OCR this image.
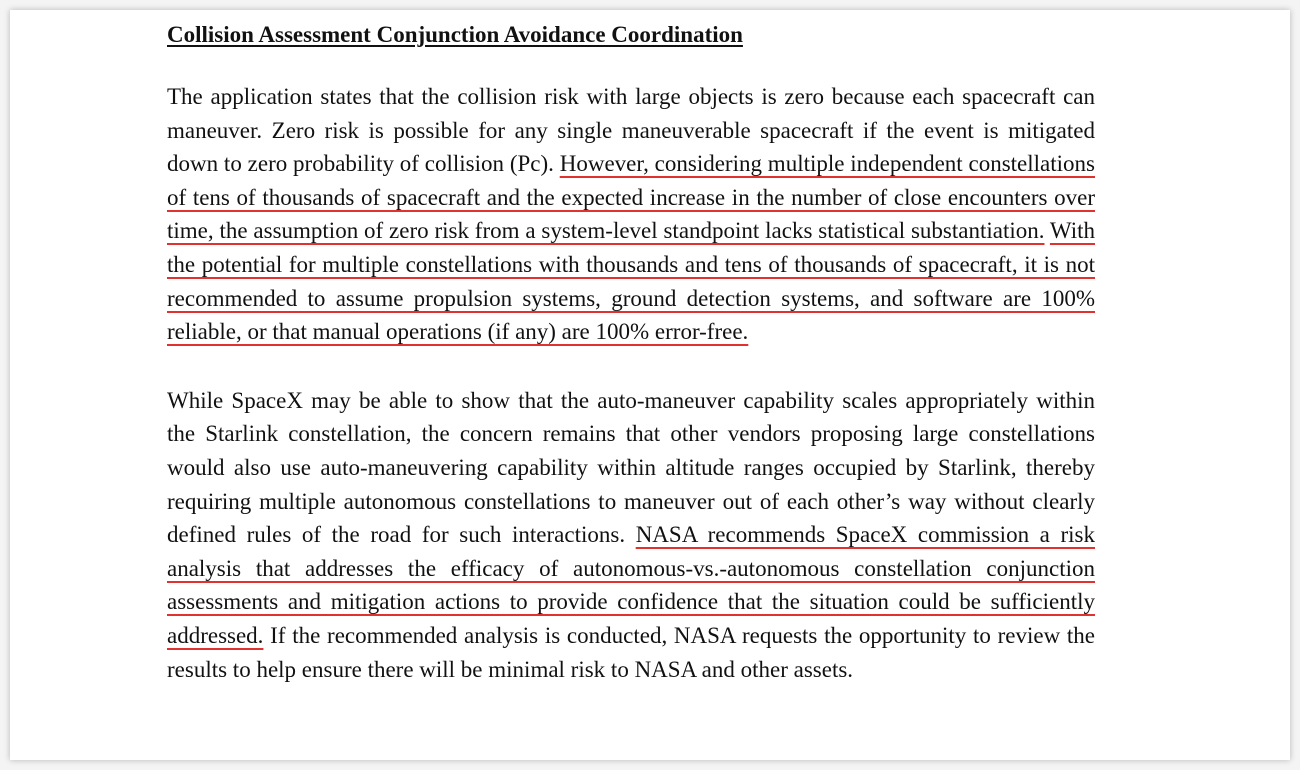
Collision Assessment Conjunction Avoidance Coordination

The application states that the collision risk with large objects is zero because each spacecraft can maneuver. Zero risk is possible for any single maneuverable spacecraft if the event is mitigated down to zero probability of collision (Pc). However, considering multiple independent constellations of tens of thousands of spacecraft and the expected increase in the number of close encounters over time, the assumption of zero risk from a system-level standpoint lacks statistical substantiation. With the potential for multiple constellations with thousands and tens of thousands of spacecraft, it is not recommended to assume propulsion systems, ground detection systems, and software are 100% reliable, or that manual operations (if any) are 100% error-free.

While SpaceX may be able to show that the auto-maneuver capability scales appropriately within the Starlink constellation, the concern remains that other vendors proposing large constellations would also use auto-maneuvering capability within altitude ranges occupied by Starlink, thereby requiring multiple autonomous constellations to maneuver out of each other’s way without clearly defined rules of the road for such interactions. NASA recommends SpaceX commission a risk analysis that addresses the efficacy of autonomous-vs.-autonomous constellation conjunction assessments and mitigation actions to provide confidence that the situation could be sufficiently addressed. If the recommended analysis is conducted, NASA requests the opportunity to review the results to help ensure there will be minimal risk to NASA and other assets.
